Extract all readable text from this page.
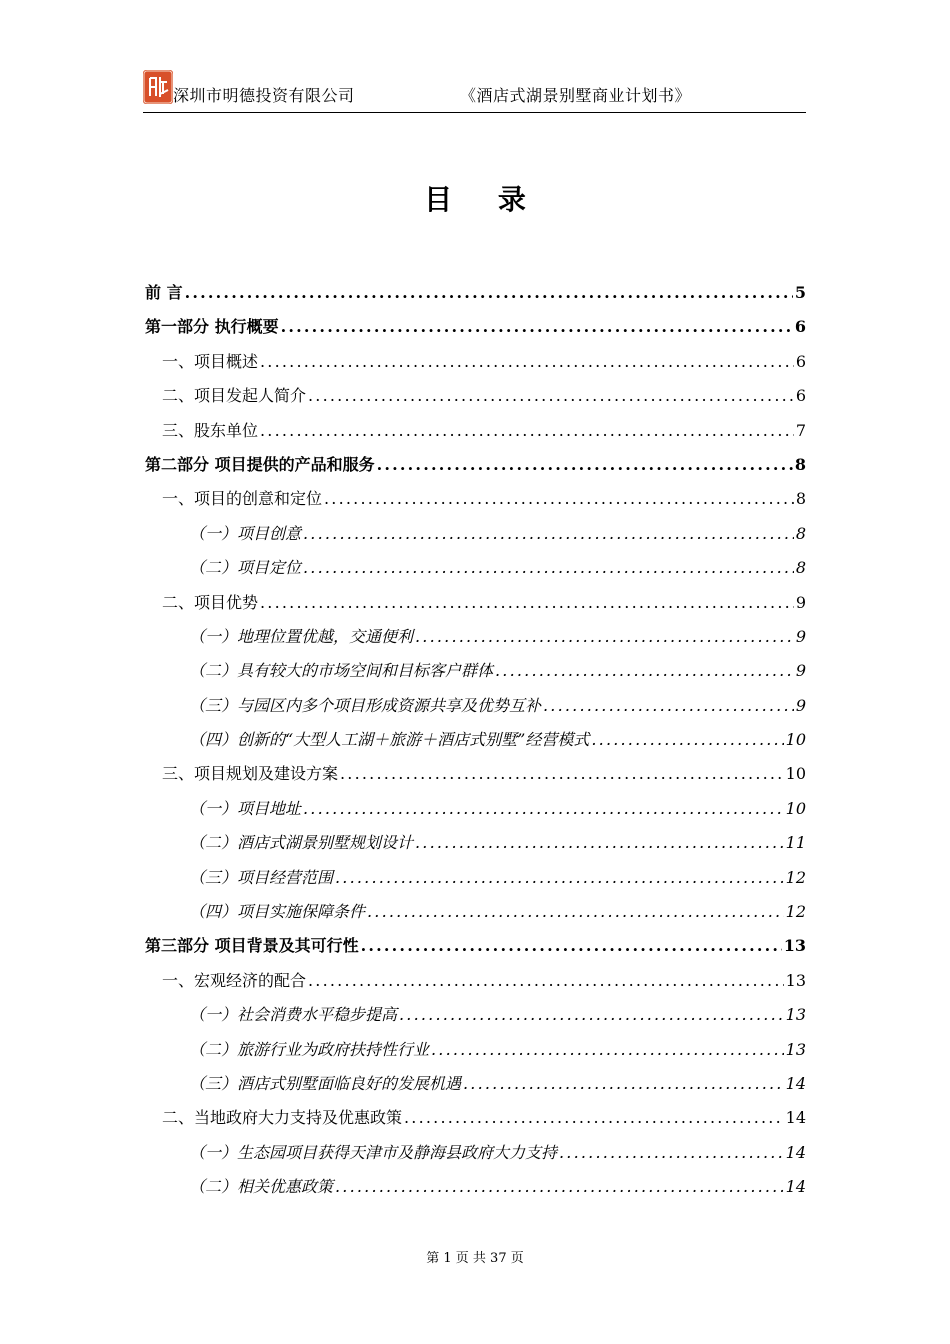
深圳市明德投资有限公司	《酒店式湖景别墅商业计划书》
目 录
前 言 .....	5
第一部分 执行概要 .....	6
一、项目概述 .....	6
二、项目发起人简介 .....	6
三、股东单位 .....	7
第二部分 项目提供的产品和服务 .....	8
一、项目的创意和定位 .....	8
（一）项目创意 .....	8
（二）项目定位 .....	8
二、项目优势 .....	9
（一）地理位置优越，交通便利 .....	9
（二）具有较大的市场空间和目标客户群体 .....	9
（三）与园区内多个项目形成资源共享及优势互补 .....	9
（四）创新的“大型人工湖＋旅游＋酒店式别墅”经营模式 .....	10
三、项目规划及建设方案 .....	10
（一）项目地址 .....	10
（二）酒店式湖景别墅规划设计 .....	11
（三）项目经营范围 .....	12
（四）项目实施保障条件 .....	12
第三部分 项目背景及其可行性 .....	13
一、宏观经济的配合 .....	13
（一）社会消费水平稳步提高 .....	13
（二）旅游行业为政府扶持性行业 .....	13
（三）酒店式别墅面临良好的发展机遇 .....	14
二、当地政府大力支持及优惠政策 .....	14
（一）生态园项目获得天津市及静海县政府大力支持 .....	14
（二）相关优惠政策 .....	14
第 1 页 共 37 页
